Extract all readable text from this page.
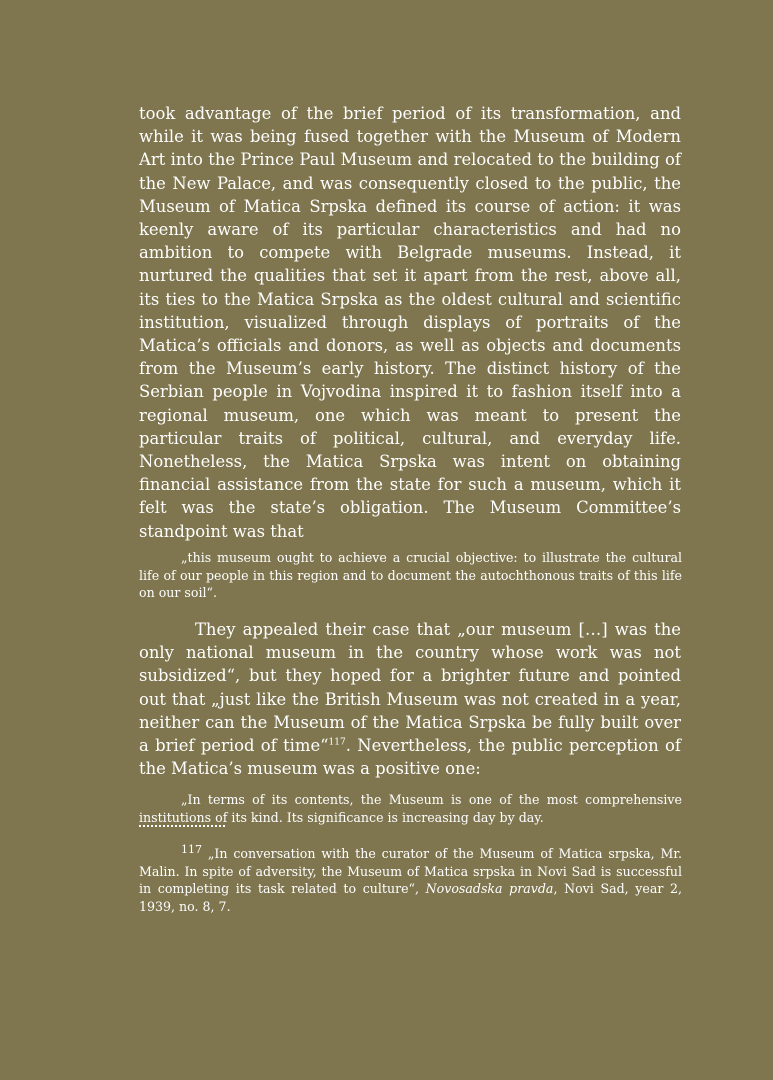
took advantage of the brief period of its transformation, and while it was being fused together with the Museum of Modern Art into the Prince Paul Museum and relocated to the building of the New Palace, and was consequently closed to the public, the Museum of Matica Srpska defined its course of action: it was keenly aware of its particular characteristics and had no ambition to compete with Belgrade museums. Instead, it nurtured the qualities that set it apart from the rest, above all, its ties to the Matica Srpska as the oldest cultural and scientific institution, visualized through displays of portraits of the Matica’s officials and donors, as well as objects and documents from the Museum’s early history. The distinct history of the Serbian people in Vojvodina inspired it to fashion itself into a regional museum, one which was meant to present the particular traits of political, cultural, and everyday life. Nonetheless, the Matica Srpska was intent on obtaining financial assistance from the state for such a museum, which it felt was the state’s obligation. The Museum Committee’s standpoint was that

„this museum ought to achieve a crucial objective: to illustrate the cultural life of our people in this region and to document the autochthonous traits of this life on our soil“.

They appealed their case that „our museum […] was the only national museum in the country whose work was not subsidized“, but they hoped for a brighter future and pointed out that „just like the British Museum was not created in a year, neither can the Museum of the Matica Srpska be fully built over a brief period of time“$^{117}$. Nevertheless, the public perception of the Matica’s museum was a positive one:

„In terms of its contents, the Museum is one of the most comprehensive institutions of its kind. Its significance is increasing day by day.

117 „In conversation with the curator of the Museum of Matica srpska, Mr. Malin. In spite of adversity, the Museum of Matica srpska in Novi Sad is successful in completing its task related to culture“, Novosadska pravda, Novi Sad, year 2, 1939, no. 8, 7.
